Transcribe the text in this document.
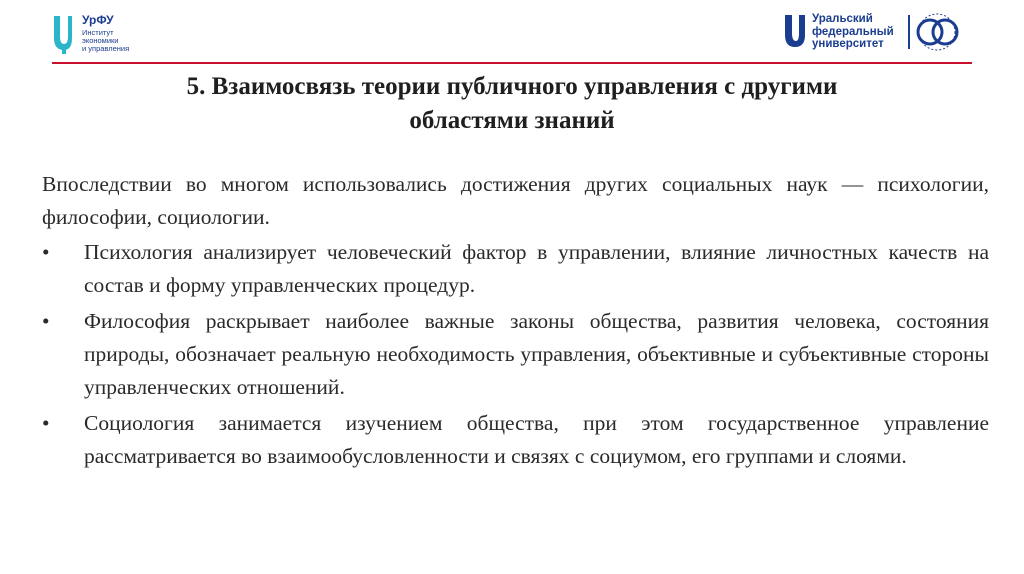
УрФУ
Институт
экономики
и управления
Уральский
федеральный
университет
5. Взаимосвязь теории публичного управления с другими
областями знаний

Впоследствии во многом использовались достижения других социальных наук — психологии, философии, социологии.

•	Психология анализирует человеческий фактор в управлении, влияние личностных качеств на состав и форму управленческих процедур.
•	Философия раскрывает наиболее важные законы общества, развития человека, состояния природы, обозначает реальную необходимость управления, объективные и субъективные стороны управленческих отношений.
•	Социология занимается изучением общества, при этом государственное управление рассматривается во взаимообусловленности и связях с социумом, его группами и слоями.
